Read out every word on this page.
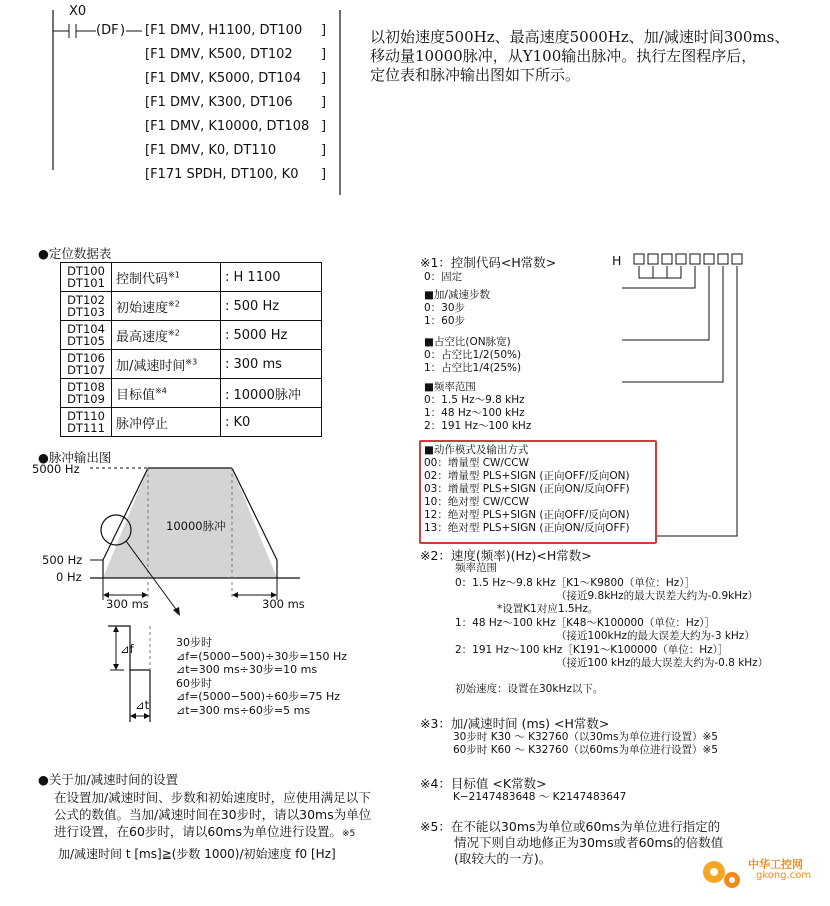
X0
(DF ) [F1 DMV, H1100, DT100
[F1 DMV, K500, DT102
[F1 DMV, K5000, DT104
[F1 DMV, K300, DT106
[F1 DMV, K10000, DT108
[F1 DMV, K0, DT110
[F171 SPDH, DT100, K0
]
]
]
]
]
]
]
以初始速度500Hz、最高速度5000Hz、加/减速时间300ms、
移动量10000脉冲，从Y100输出脉冲。执行左图程序后，
定位表和脉冲输出图如下所示。
●定位数据表
DT100
DT101	控制代码$^{※1}$	: H 1100

DT102
DT103	初始速度$^{※2}$	: 500 Hz

DT104
DT105	最高速度$^{※2}$	: 5000 Hz

DT106
DT107	加/减速时间$^{※3}$	: 300 ms

DT108
DT109	目标值$^{※4}$	: 10000脉冲

DT110
DT111	脉冲停止	: K0
●脉冲输出图
5000 Hz
500 Hz
0 Hz
10000脉冲
300 ms	300 ms
⊿f
⊿t
30步时
⊿f=(5000−500)÷30步=150 Hz
⊿t=300 ms÷30步=10 ms
60步时
⊿f=(5000−500)÷60步=75 Hz
⊿t=300 ms÷60步=5 ms
●关于加/减速时间的设置
在设置加/减速时间、步数和初始速度时，应使用满足以下
公式的数值。当加/减速时间在30步时，请以30ms为单位
进行设置，在60步时，请以60ms为单位进行设置。※5
加/减速时间 t [ms]≧(步数 1000)/初始速度 f0 [Hz]
※1：控制代码<H常数>	H
0：固定
■加/减速步数
0：30步
1：60步
■占空比(ON脉宽)
0：占空比1/2(50%)
1：占空比1/4(25%)
■频率范围
0：1.5 Hz～9.8 kHz
1：48 Hz～100 kHz
2：191 Hz～100 kHz
■动作模式及输出方式
00：增量型 CW/CCW
02：增量型 PLS+SIGN (正向OFF/反向ON)
03：增量型 PLS+SIGN (正向ON/反向OFF)
10：绝对型 CW/CCW
12：绝对型 PLS+SIGN (正向OFF/反向ON)
13：绝对型 PLS+SIGN (正向ON/反向OFF)
※2：速度(频率)(Hz)<H常数>
频率范围
0：1.5 Hz～9.8 kHz［K1～K9800（单位：Hz）］
（接近9.8kHz的最大误差大约为-0.9kHz）
*设置K1对应1.5Hz。
1：48 Hz～100 kHz［K48～K100000（单位：Hz）］
（接近100kHz的最大误差大约为-3 kHz）
2：191 Hz～100 kHz［K191～K100000（单位：Hz）］
（接近100 kHz的最大误差大约为-0.8 kHz）
初始速度：设置在30kHz以下。
※3：加/减速时间 (ms) <H常数>
30步时 K30 ～ K32760（以30ms为单位进行设置）※5
60步时 K60 ～ K32760（以60ms为单位进行设置）※5
※4：目标值 <K常数>
K−2147483648 ～ K2147483647
※5：在不能以30ms为单位或60ms为单位进行指定的
情况下则自动地修正为30ms或者60ms的倍数值
(取较大的一方)。	中华工控网
gkong.com
